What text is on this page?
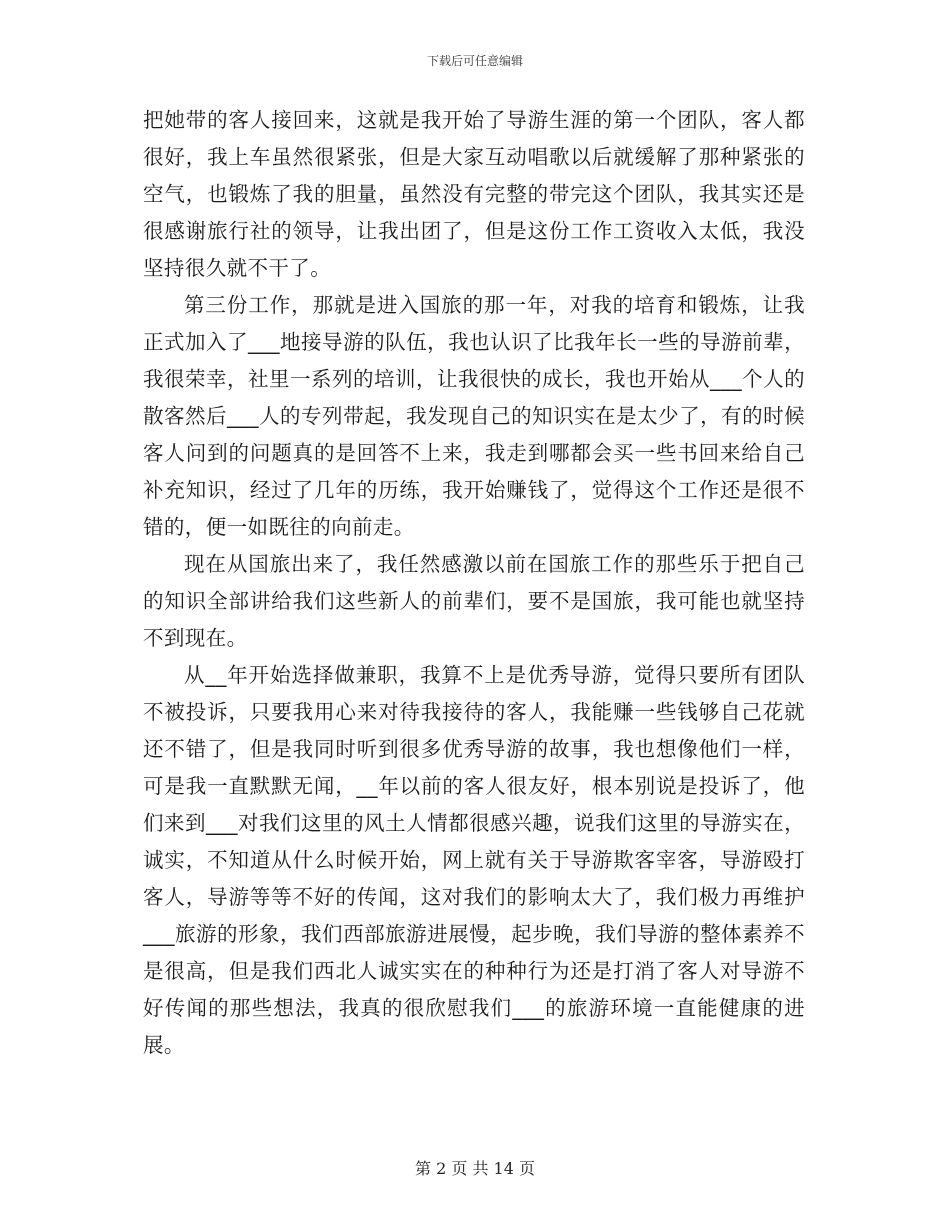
下载后可任意编辑

把她带的客人接回来，这就是我开始了导游生涯的第一个团队，客人都很好，我上车虽然很紧张，但是大家互动唱歌以后就缓解了那种紧张的空气，也锻炼了我的胆量，虽然没有完整的带完这个团队，我其实还是很感谢旅行社的领导，让我出团了，但是这份工作工资收入太低，我没坚持很久就不干了。

第三份工作，那就是进入国旅的那一年，对我的培育和锻炼，让我正式加入了___地接导游的队伍，我也认识了比我年长一些的导游前辈，我很荣幸，社里一系列的培训，让我很快的成长，我也开始从___个人的散客然后___人的专列带起，我发现自己的知识实在是太少了，有的时候客人问到的问题真的是回答不上来，我走到哪都会买一些书回来给自己补充知识，经过了几年的历练，我开始赚钱了，觉得这个工作还是很不错的，便一如既往的向前走。

现在从国旅出来了，我任然感激以前在国旅工作的那些乐于把自己的知识全部讲给我们这些新人的前辈们，要不是国旅，我可能也就坚持不到现在。

从__年开始选择做兼职，我算不上是优秀导游，觉得只要所有团队不被投诉，只要我用心来对待我接待的客人，我能赚一些钱够自己花就还不错了，但是我同时听到很多优秀导游的故事，我也想像他们一样，可是我一直默默无闻，__年以前的客人很友好，根本别说是投诉了，他们来到___对我们这里的风土人情都很感兴趣，说我们这里的导游实在，诚实，不知道从什么时候开始，网上就有关于导游欺客宰客，导游殴打客人，导游等等不好的传闻，这对我们的影响太大了，我们极力再维护___旅游的形象，我们西部旅游进展慢，起步晚，我们导游的整体素养不是很高，但是我们西北人诚实实在的种种行为还是打消了客人对导游不好传闻的那些想法，我真的很欣慰我们___的旅游环境一直能健康的进展。

第 2 页 共 14 页
